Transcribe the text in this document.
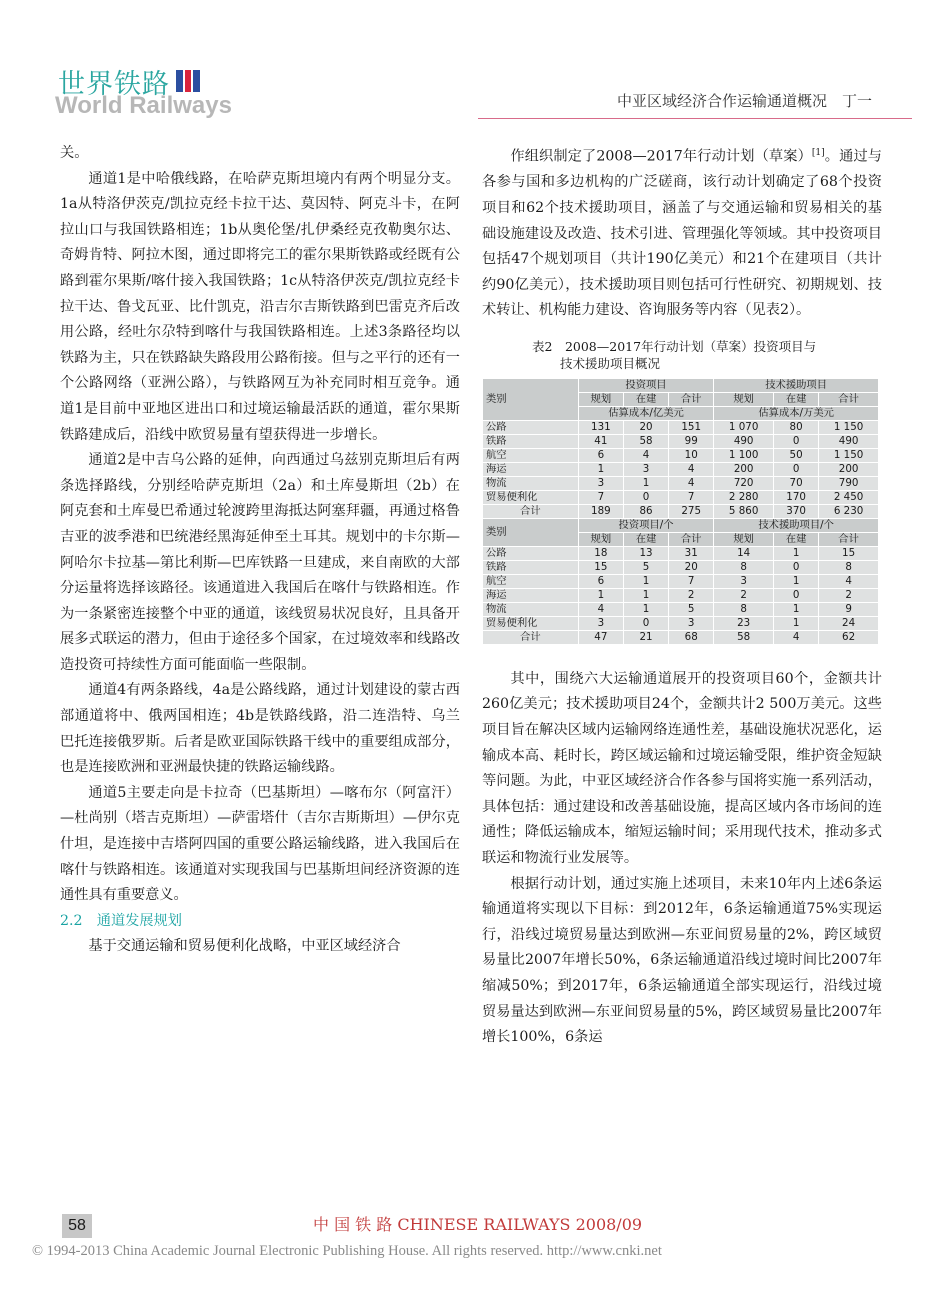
世界铁路
World Railways	中亚区域经济合作运输通道概况　丁一

关。

通道1是中哈俄线路，在哈萨克斯坦境内有两个明显分支。1a从特洛伊茨克/凯拉克经卡拉干达、莫因特、阿克斗卡，在阿拉山口与我国铁路相连；1b从奥伦堡/扎伊桑经克孜勒奥尔达、奇姆肯特、阿拉木图，通过即将完工的霍尔果斯铁路或经既有公路到霍尔果斯/喀什接入我国铁路；1c从特洛伊茨克/凯拉克经卡拉干达、鲁戈瓦亚、比什凯克，沿吉尔吉斯铁路到巴雷克齐后改用公路，经吐尔尕特到喀什与我国铁路相连。上述3条路径均以铁路为主，只在铁路缺失路段用公路衔接。但与之平行的还有一个公路网络（亚洲公路），与铁路网互为补充同时相互竞争。通道1是目前中亚地区进出口和过境运输最活跃的通道，霍尔果斯铁路建成后，沿线中欧贸易量有望获得进一步增长。

通道2是中吉乌公路的延伸，向西通过乌兹别克斯坦后有两条选择路线，分别经哈萨克斯坦（2a）和土库曼斯坦（2b）在阿克套和土库曼巴希通过轮渡跨里海抵达阿塞拜疆，再通过格鲁吉亚的波季港和巴统港经黑海延伸至土耳其。规划中的卡尔斯—阿哈尔卡拉基—第比利斯—巴库铁路一旦建成，来自南欧的大部分运量将选择该路径。该通道进入我国后在喀什与铁路相连。作为一条紧密连接整个中亚的通道，该线贸易状况良好，且具备开展多式联运的潜力，但由于途径多个国家，在过境效率和线路改造投资可持续性方面可能面临一些限制。

通道4有两条路线，4a是公路线路，通过计划建设的蒙古西部通道将中、俄两国相连；4b是铁路线路，沿二连浩特、乌兰巴托连接俄罗斯。后者是欧亚国际铁路干线中的重要组成部分，也是连接欧洲和亚洲最快捷的铁路运输线路。

通道5主要走向是卡拉奇（巴基斯坦）—喀布尔（阿富汗）—杜尚别（塔吉克斯坦）—萨雷塔什（吉尔吉斯斯坦）—伊尔克什坦，是连接中吉塔阿四国的重要公路运输线路，进入我国后在喀什与铁路相连。该通道对实现我国与巴基斯坦间经济资源的连通性具有重要意义。

2.2　通道发展规划

基于交通运输和贸易便利化战略，中亚区域经济合

作组织制定了2008—2017年行动计划（草案）[1]。通过与各参与国和多边机构的广泛磋商，该行动计划确定了68个投资项目和62个技术援助项目，涵盖了与交通运输和贸易相关的基础设施建设及改造、技术引进、管理强化等领域。其中投资项目包括47个规划项目（共计190亿美元）和21个在建项目（共计约90亿美元），技术援助项目则包括可行性研究、初期规划、技术转让、机构能力建设、咨询服务等内容（见表2）。

表2　2008—2017年行动计划（草案）投资项目与
技术援助项目概况
类别	投资项目			技术援助项目		
	规划	在建	合计	规划	在建	合计
	估算成本/亿美元			估算成本/万美元		
公路	131	20	151	1 070	80	1 150
铁路	41	58	99	490	0	490
航空	6	4	10	1 100	50	1 150
海运	1	3	4	200	0	200
物流	3	1	4	720	70	790
贸易便利化	7	0	7	2 280	170	2 450
合计	189	86	275	5 860	370	6 230
类别	投资项目/个			技术援助项目/个		
	规划	在建	合计	规划	在建	合计
公路	18	13	31	14	1	15
铁路	15	5	20	8	0	8
航空	6	1	7	3	1	4
海运	1	1	2	2	0	2
物流	4	1	5	8	1	9
贸易便利化	3	0	3	23	1	24
合计	47	21	68	58	4	62

其中，围绕六大运输通道展开的投资项目60个，金额共计260亿美元；技术援助项目24个，金额共计2 500万美元。这些项目旨在解决区域内运输网络连通性差，基础设施状况恶化，运输成本高、耗时长，跨区域运输和过境运输受限，维护资金短缺等问题。为此，中亚区域经济合作各参与国将实施一系列活动，具体包括：通过建设和改善基础设施，提高区域内各市场间的连通性；降低运输成本，缩短运输时间；采用现代技术，推动多式联运和物流行业发展等。

根据行动计划，通过实施上述项目，未来10年内上述6条运输通道将实现以下目标：到2012年，6条运输通道75%实现运行，沿线过境贸易量达到欧洲—东亚间贸易量的2%，跨区域贸易量比2007年增长50%，6条运输通道沿线过境时间比2007年缩减50%；到2017年，6条运输通道全部实现运行，沿线过境贸易量达到欧洲—东亚间贸易量的5%，跨区域贸易量比2007年增长100%，6条运

58	中 国 铁 路 CHINESE RAILWAYS 2008/09
© 1994-2013 China Academic Journal Electronic Publishing House. All rights reserved. http://www.cnki.net
